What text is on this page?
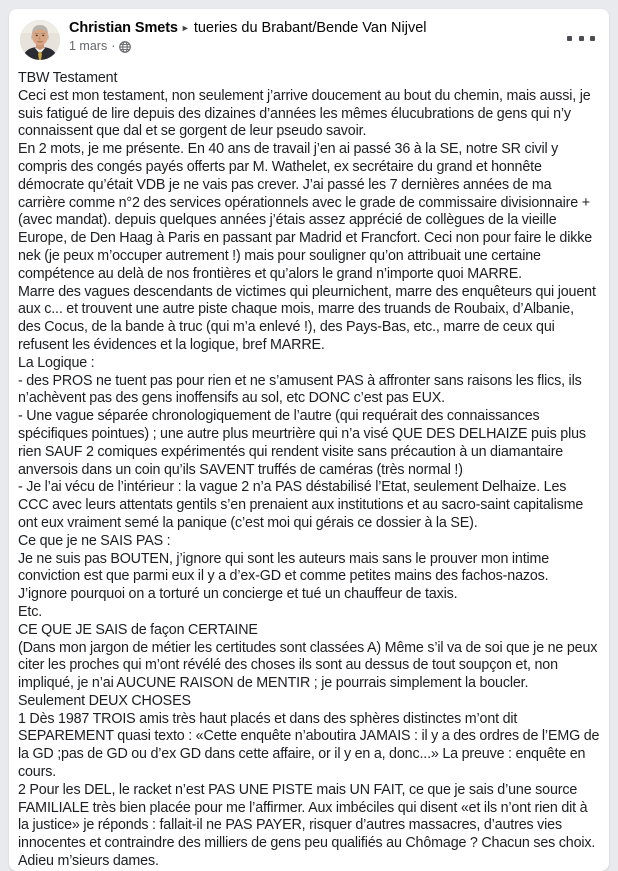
Christian Smets ► tueries du Brabant/Bende Van Nijvel
1 mars ·

TBW Testament

Ceci est mon testament, non seulement j’arrive doucement au bout du chemin, mais aussi, je suis fatigué de lire depuis des dizaines d’années les mêmes élucubrations de gens qui n’y connaissent que dal et se gorgent de leur pseudo savoir.

En 2 mots, je me présente. En 40 ans de travail j’en ai passé 36 à la SE, notre SR civil y compris des congés payés offerts par M. Wathelet, ex secrétaire du grand et honnête démocrate qu’était VDB je ne vais pas crever. J’ai passé les 7 dernières années de ma carrière comme n°2 des services opérationnels avec le grade de commissaire divisionnaire + (avec mandat). depuis quelques années j’étais assez apprécié de collègues de la vieille Europe, de Den Haag à Paris en passant par Madrid et Francfort. Ceci non pour faire le dikke nek (je peux m’occuper autrement !) mais pour souligner qu’on attribuait une certaine compétence au delà de nos frontières et qu’alors le grand n’importe quoi MARRE.

Marre des vagues descendants de victimes qui pleurnichent, marre des enquêteurs qui jouent aux c... et trouvent une autre piste chaque mois, marre des truands de Roubaix, d’Albanie, des Cocus, de la bande à truc (qui m’a enlevé !), des Pays-Bas, etc., marre de ceux qui refusent les évidences et la logique, bref MARRE.

La Logique :

- des PROS ne tuent pas pour rien et ne s’amusent PAS à affronter sans raisons les flics, ils n’achèvent pas des gens inoffensifs au sol, etc DONC c’est pas EUX.

- Une vague séparée chronologiquement de l’autre (qui requérait des connaissances spécifiques pointues) ; une autre plus meurtrière qui n’a visé QUE DES DELHAIZE puis plus rien SAUF 2 comiques expérimentés qui rendent visite sans précaution à un diamantaire anversois dans un coin qu’ils SAVENT truffés de caméras (très normal !)

- Je l’ai vécu de l’intérieur : la vague 2 n’a PAS déstabilisé l’Etat, seulement Delhaize. Les CCC avec leurs attentats gentils s’en prenaient aux institutions et au sacro-saint capitalisme ont eux vraiment semé la panique (c’est moi qui gérais ce dossier à la SE).

Ce que je ne SAIS PAS :

Je ne suis pas BOUTEN, j’ignore qui sont les auteurs mais sans le prouver mon intime conviction est que parmi eux il y a d’ex-GD et comme petites mains des fachos-nazos.

J’ignore pourquoi on a torturé un concierge et tué un chauffeur de taxis.

Etc.

CE QUE JE SAIS de façon CERTAINE

(Dans mon jargon de métier les certitudes sont classées A) Même s’il va de soi que je ne peux citer les proches qui m’ont révélé des choses ils sont au dessus de tout soupçon et, non impliqué, je n’ai AUCUNE RAISON de MENTIR ; je pourrais simplement la boucler.

Seulement DEUX CHOSES

1 Dès 1987 TROIS amis très haut placés et dans des sphères distinctes m’ont dit SEPAREMENT quasi texto : «Cette enquête n’aboutira JAMAIS : il y a des ordres de l’EMG de la GD ;pas de GD ou d’ex GD dans cette affaire, or il y en a, donc...» La preuve : enquête en cours.

2 Pour les DEL, le racket n’est PAS UNE PISTE mais UN FAIT, ce que je sais d’une source FAMILIALE très bien placée pour me l’affirmer. Aux imbéciles qui disent «et ils n’ont rien dit à la justice» je réponds : fallait-il ne PAS PAYER, risquer d’autres massacres, d’autres vies innocentes et contraindre des milliers de gens peu qualifiés au Chômage ? Chacun ses choix.

Adieu m’sieurs dames.
